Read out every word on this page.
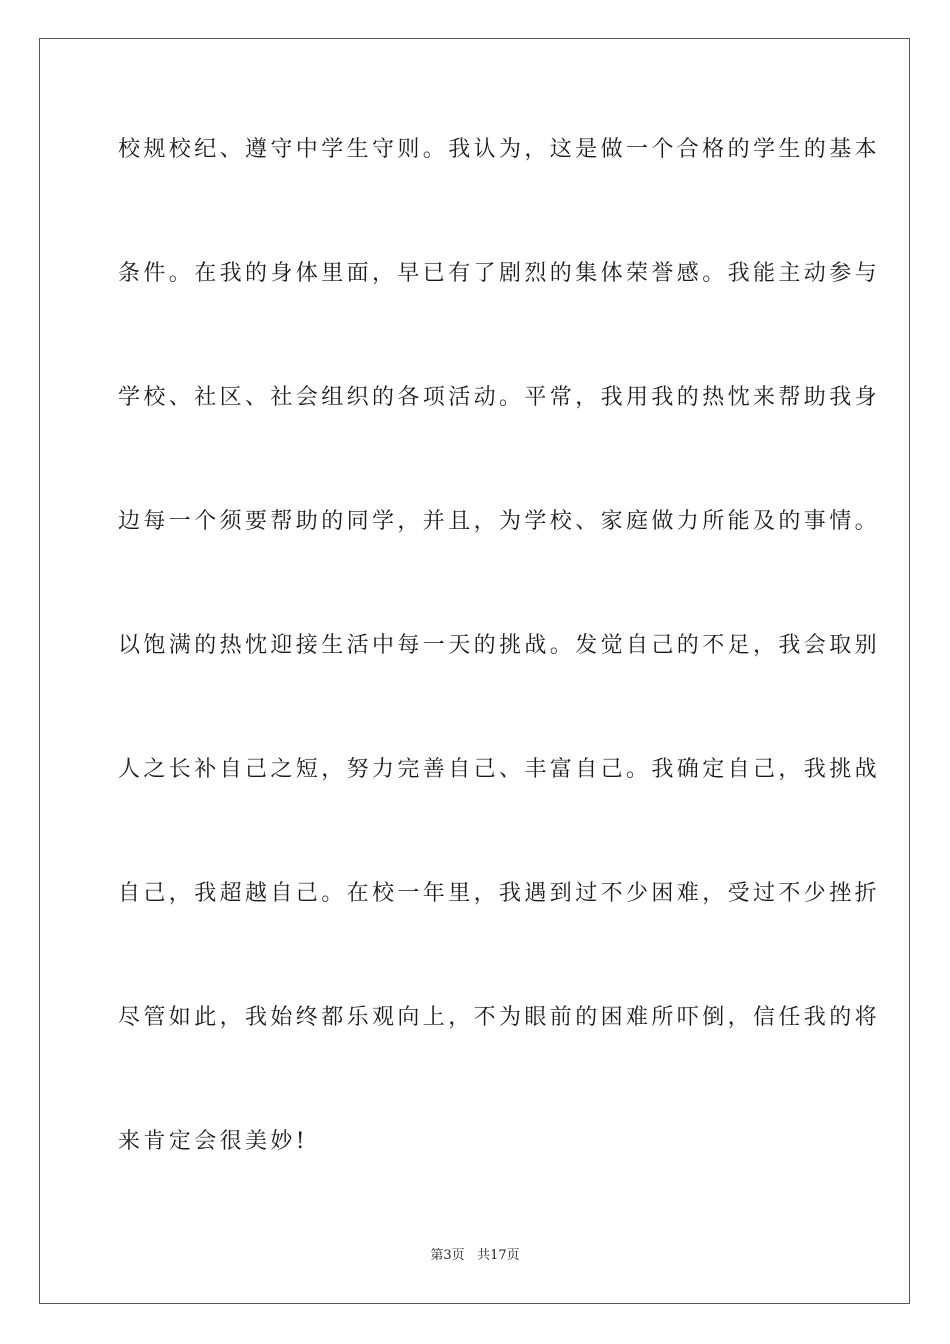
校规校纪、遵守中学生守则。我认为，这是做一个合格的学生的基本
条件。在我的身体里面，早已有了剧烈的集体荣誉感。我能主动参与
学校、社区、社会组织的各项活动。平常，我用我的热忱来帮助我身
边每一个须要帮助的同学，并且，为学校、家庭做力所能及的事情。
以饱满的热忱迎接生活中每一天的挑战。发觉自己的不足，我会取别
人之长补自己之短，努力完善自己、丰富自己。我确定自己，我挑战
自己，我超越自己。在校一年里，我遇到过不少困难，受过不少挫折
尽管如此，我始终都乐观向上，不为眼前的困难所吓倒，信任我的将
来肯定会很美妙!
第3页 共17页
